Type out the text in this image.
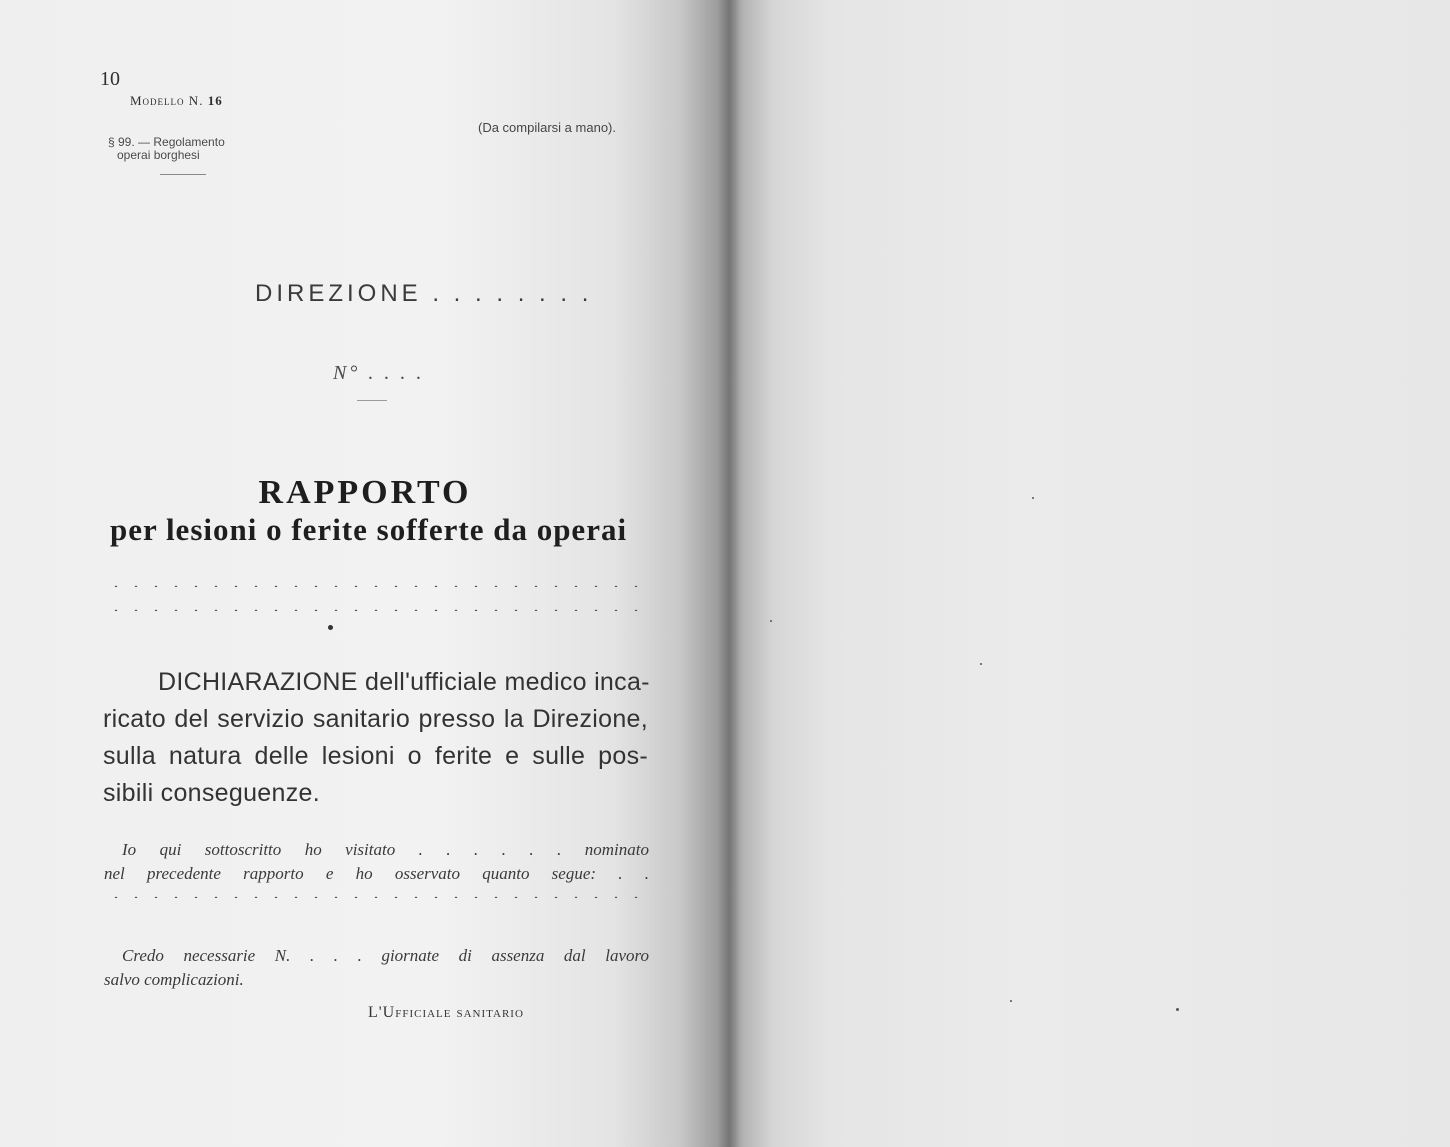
10
Modello N. 16
§ 99. — Regolamento
operai borghesi
(Da compilarsi a mano).
DIREZIONE . . . . . . . .
N° . . . .
RAPPORTO
per lesioni o ferite sofferte da operai
DICHIARAZIONE dell'ufficiale medico inca-
ricato del servizio sanitario presso la Direzione,
sulla natura delle lesioni o ferite e sulle pos-
sibili conseguenze.
Io qui sottoscritto ho visitato . . . . . . nominato
nel precedente rapporto e ho osservato quanto segue: . .
Credo necessarie N. . . . giornate di assenza dal lavoro
salvo complicazioni.
L'Ufficiale sanitario
